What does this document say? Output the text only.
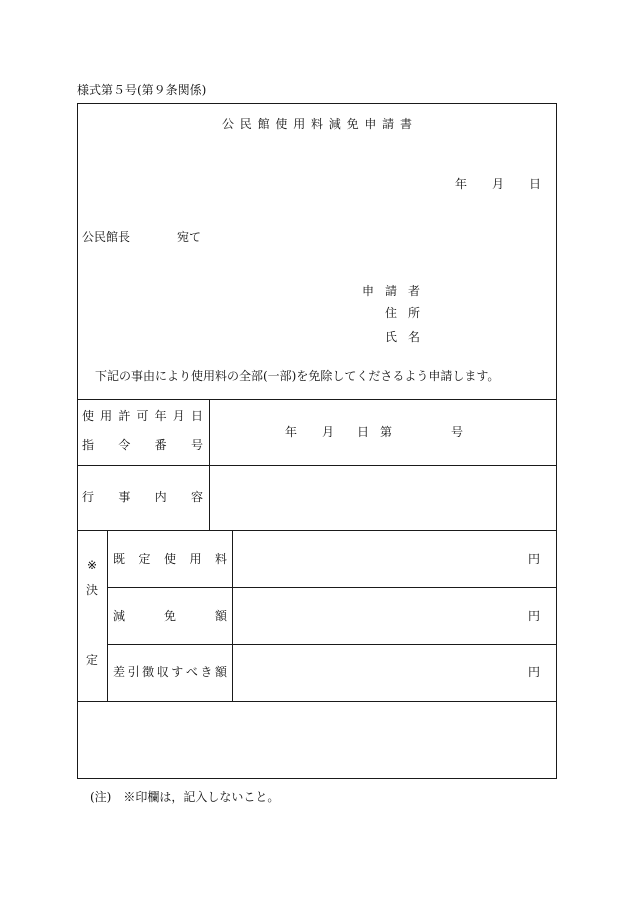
様式第５号(第９条関係)
公 民 館 使 用 料 減 免 申 請 書
年

　 月

　 日
公民館長	宛て
申 請 者
住 所
氏 名
下記の事由により使用料の全部(一部)を免除してくださるよう申請します。
使 用 許 可 年 月 日
指 令 番 号
年 月 日 第	号
行 事 内 容
※
決
定
既 定 使 用 料	円
減	免	額	円
差 引 徴 収 す べ き 額	円
(注)　※印欄は，記入しないこと。
